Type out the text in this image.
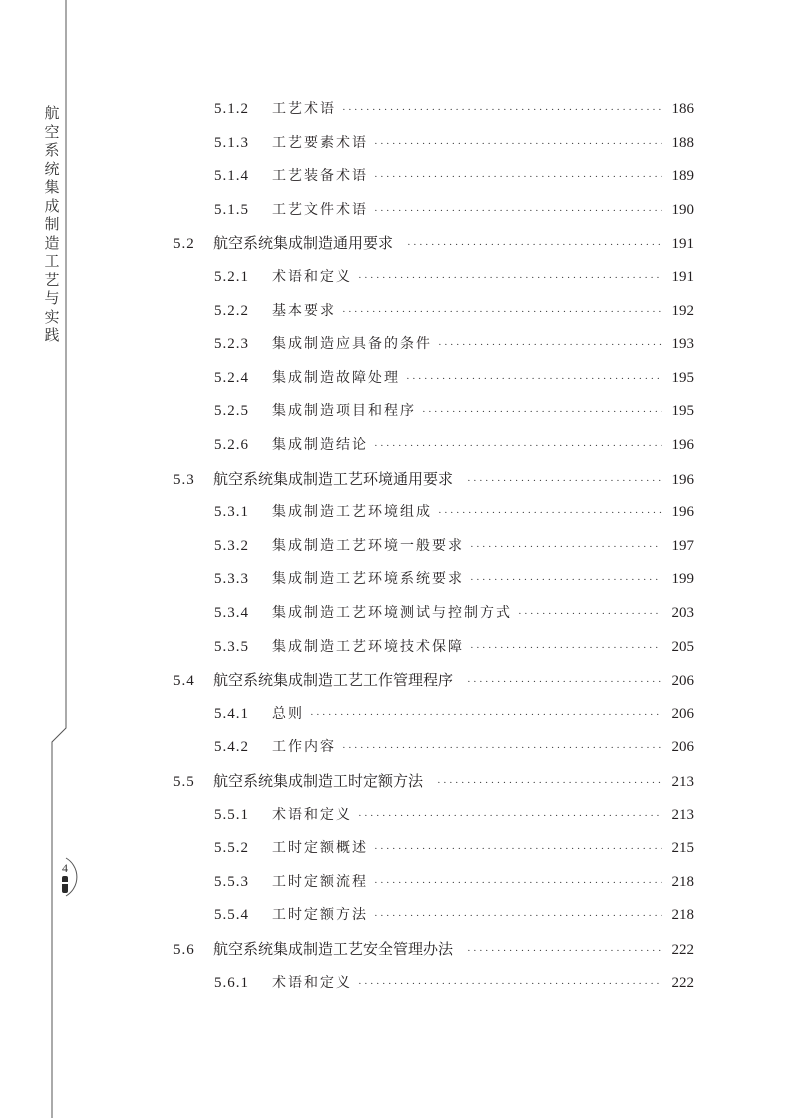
航空系统集成制造工艺与实践
4
5.1.2	工艺术语 ·····	186
5.1.3	工艺要素术语 ·····	188
5.1.4	工艺装备术语 ·····	189
5.1.5	工艺文件术语 ·····	190
5.2	航空系统集成制造通用要求 ·····	191
5.2.1	术语和定义 ·····	191
5.2.2	基本要求 ·····	192
5.2.3	集成制造应具备的条件 ·····	193
5.2.4	集成制造故障处理 ·····	195
5.2.5	集成制造项目和程序 ·····	195
5.2.6	集成制造结论 ·····	196
5.3	航空系统集成制造工艺环境通用要求 ·····	196
5.3.1	集成制造工艺环境组成 ·····	196
5.3.2	集成制造工艺环境一般要求 ·····	197
5.3.3	集成制造工艺环境系统要求 ·····	199
5.3.4	集成制造工艺环境测试与控制方式 ·····	203
5.3.5	集成制造工艺环境技术保障 ·····	205
5.4	航空系统集成制造工艺工作管理程序 ·····	206
5.4.1	总则 ·····	206
5.4.2	工作内容 ·····	206
5.5	航空系统集成制造工时定额方法 ·····	213
5.5.1	术语和定义 ·····	213
5.5.2	工时定额概述 ·····	215
5.5.3	工时定额流程 ·····	218
5.5.4	工时定额方法 ·····	218
5.6	航空系统集成制造工艺安全管理办法 ·····	222
5.6.1	术语和定义 ·····	222
